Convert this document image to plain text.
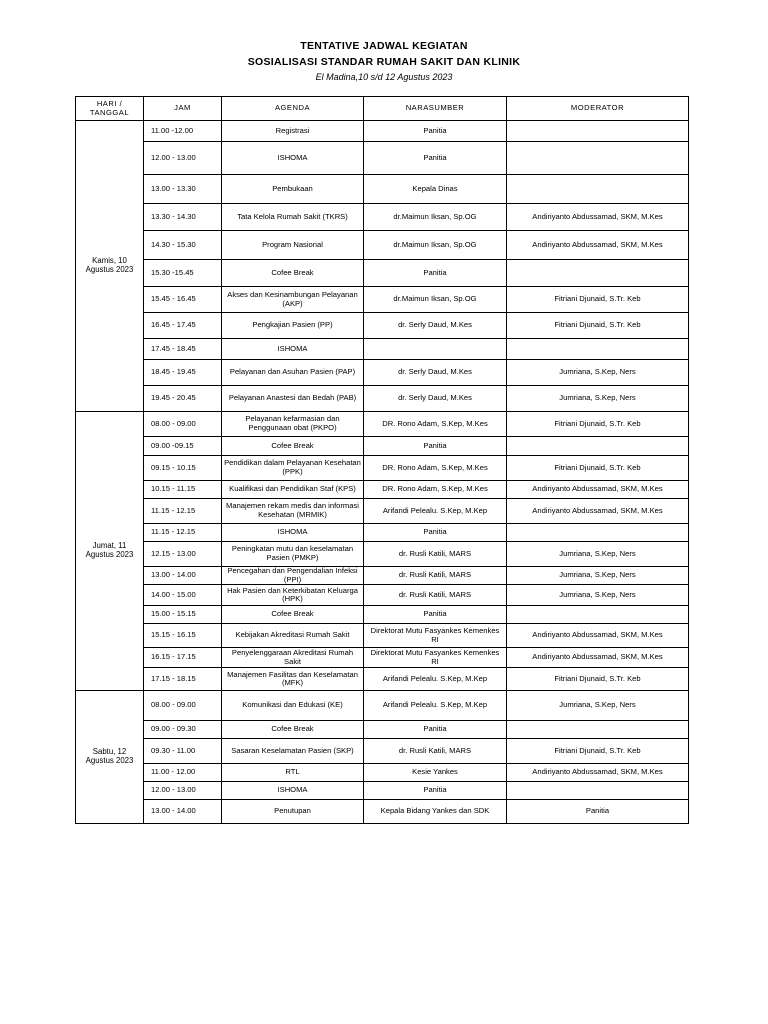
TENTATIVE JADWAL KEGIATAN
SOSIALISASI STANDAR RUMAH SAKIT DAN KLINIK
El Madina,10 s/d 12 Agustus 2023
HARI / TANGGAL	JAM	AGENDA	NARASUMBER	MODERATOR
Kamis, 10 Agustus 2023	11.00 -12.00	Registrasi	Panitia	
	12.00 - 13.00	ISHOMA	Panitia	
	13.00 - 13.30	Pembukaan	Kepala Dinas	
	13.30 - 14.30	Tata Kelola Rumah Sakit (TKRS)	dr.Maimun Iksan, Sp.OG	Andiriyanto Abdussamad, SKM, M.Kes
	14.30 - 15.30	Program Nasional	dr.Maimun Iksan, Sp.OG	Andiriyanto Abdussamad, SKM, M.Kes
	15.30 -15.45	Cofee Break	Panitia	
	15.45 - 16.45	Akses dan Kesinambungan Pelayanan (AKP)	dr.Maimun Iksan, Sp.OG	Fitriani Djunaid, S.Tr. Keb
	16.45 - 17.45	Pengkajian Pasien (PP)	dr. Serly Daud, M.Kes	Fitriani Djunaid, S.Tr. Keb
	17.45 - 18.45	ISHOMA		
	18.45 - 19.45	Pelayanan dan Asuhan Pasien (PAP)	dr. Serly Daud, M.Kes	Jumriana, S.Kep, Ners
	19.45 - 20.45	Pelayanan Anastesi dan Bedah (PAB)	dr. Serly Daud, M.Kes	Jumriana, S.Kep, Ners
Jumat, 11 Agustus 2023	08.00 - 09.00	Pelayanan kefarmasian dan Penggunaan obat (PKPO)	DR. Rono Adam, S.Kep, M.Kes	Fitriani Djunaid, S.Tr. Keb
	09.00 -09.15	Cofee Break	Panitia	
	09.15 - 10.15	Pendidikan dalam Pelayanan Kesehatan (PPK)	DR. Rono Adam, S.Kep, M.Kes	Fitriani Djunaid, S.Tr. Keb
	10.15 - 11.15	Kualifikasi dan Pendidikan Staf (KPS)	DR. Rono Adam, S.Kep, M.Kes	Andiriyanto Abdussamad, SKM, M.Kes
	11.15 - 12.15	Manajemen rekam medis dan informasi Kesehatan (MRMIK)	Arifandi Pelealu. S.Kep, M.Kep	Andiriyanto Abdussamad, SKM, M.Kes
	11.15 - 12.15	ISHOMA	Panitia	
	12.15 - 13.00	Peningkatan mutu dan keselamatan Pasien (PMKP)	dr. Rusli Katili, MARS	Jumriana, S.Kep, Ners
	13.00 - 14.00	Pencegahan dan Pengendalian Infeksi (PPI)	dr. Rusli Katili, MARS	Jumriana, S.Kep, Ners
	14.00 - 15.00	Hak Pasien dan Keterkibatan Keluarga (HPK)	dr. Rusli Katili, MARS	Jumriana, S.Kep, Ners
	15.00 - 15.15	Cofee Break	Panitia	
	15.15 - 16.15	Kebijakan Akreditasi Rumah Sakit	Direktorat Mutu Fasyankes Kemenkes RI	Andiriyanto Abdussamad, SKM, M.Kes
	16.15 - 17.15	Penyelenggaraan Akreditasi Rumah Sakit	Direktorat Mutu Fasyankes Kemenkes RI	Andiriyanto Abdussamad, SKM, M.Kes
	17.15 - 18.15	Manajemen Fasilitas dan Keselamatan (MFK)	Arifandi Pelealu. S.Kep, M.Kep	Fitriani Djunaid, S.Tr. Keb
Sabtu, 12 Agustus 2023	08.00 - 09.00	Komunikasi dan Edukasi (KE)	Arifandi Pelealu. S.Kep, M.Kep	Jumriana, S.Kep, Ners
	09.00 - 09.30	Cofee Break	Panitia	
	09.30 - 11.00	Sasaran Keselamatan Pasien (SKP)	dr. Rusli Katili, MARS	Fitriani Djunaid, S.Tr. Keb
	11.00 - 12.00	RTL	Kesie Yankes	Andiriyanto Abdussamad, SKM, M.Kes
	12.00 - 13.00	ISHOMA	Panitia	
	13.00 - 14.00	Penutupan	Kepala Bidang Yankes dan SDK	Panitia
